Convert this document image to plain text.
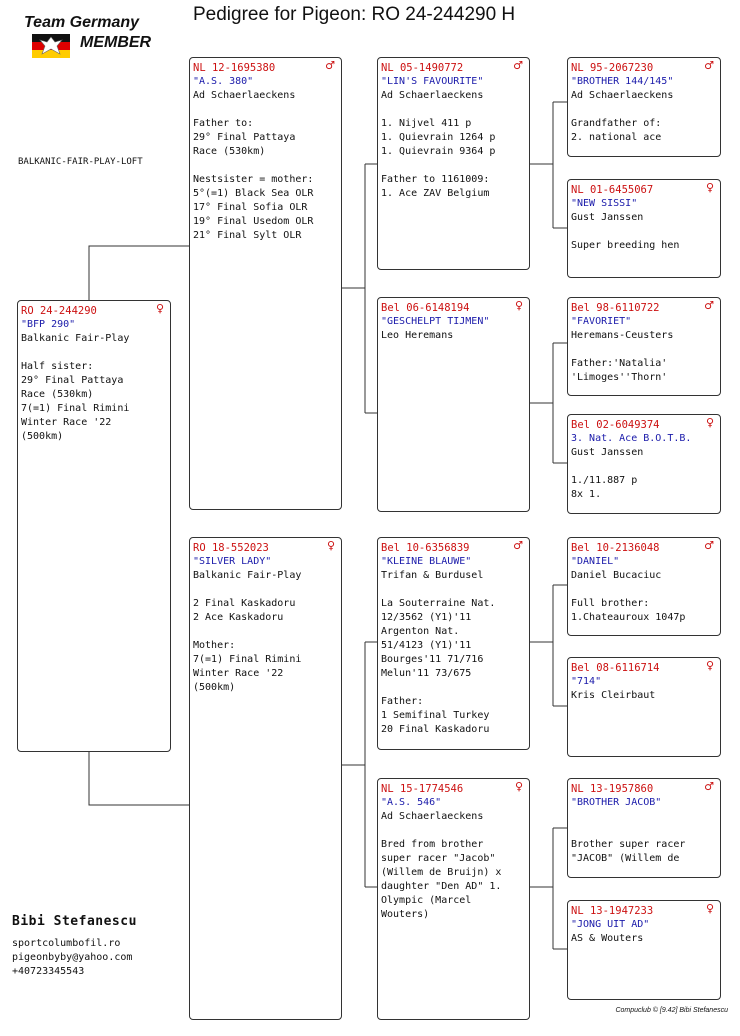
Team Germany
MEMBER
Pedigree for Pigeon: RO 24-244290 H
BALKANIC-FAIR-PLAY-LOFT
RO 24-244290	♀
"BFP 290"
Balkanic Fair-Play
Half sister:
29° Final Pattaya
Race (530km)
7(=1) Final Rimini
Winter Race '22
(500km)
NL 12-1695380	♂
"A.S. 380"
Ad Schaerlaeckens
Father to:
29° Final Pattaya
Race (530km)
Nestsister = mother:
5°(=1) Black Sea OLR
17° Final Sofia OLR
19° Final Usedom OLR
21° Final Sylt OLR
RO 18-552023	♀
"SILVER LADY"
Balkanic Fair-Play
2 Final Kaskadoru
2 Ace Kaskadoru
Mother:
7(=1) Final Rimini
Winter Race '22
(500km)
NL 05-1490772	♂
"LIN'S FAVOURITE"
Ad Schaerlaeckens
1. Nijvel 411 p
1. Quievrain 1264 p
1. Quievrain 9364 p
Father to 1161009:
1. Ace ZAV Belgium
Bel 06-6148194	♀
"GESCHELPT TIJMEN"
Leo Heremans
Bel 10-6356839	♂
"KLEINE BLAUWE"
Trifan & Burdusel
La Souterraine Nat.
12/3562 (Y1)'11
Argenton Nat.
51/4123 (Y1)'11
Bourges'11 71/716
Melun'11 73/675
Father:
1 Semifinal Turkey
20 Final Kaskadoru
NL 15-1774546	♀
"A.S. 546"
Ad Schaerlaeckens
Bred from brother
super racer "Jacob"
(Willem de Bruijn) x
daughter "Den AD" 1.
Olympic (Marcel
Wouters)
NL 95-2067230	♂
"BROTHER 144/145"
Ad Schaerlaeckens
Grandfather of:
2. national ace
NL 01-6455067	♀
"NEW SISSI"
Gust Janssen
Super breeding hen
Bel 98-6110722	♂
"FAVORIET"
Heremans-Ceusters
Father:'Natalia'
'Limoges''Thorn'
Bel 02-6049374	♀
3. Nat. Ace B.O.T.B.
Gust Janssen
1./11.887 p
8x 1.
Bel 10-2136048	♂
"DANIEL"
Daniel Bucaciuc
Full brother:
1.Chateauroux 1047p
Bel 08-6116714	♀
"714"
Kris Cleirbaut
NL 13-1957860	♂
"BROTHER JACOB"
Brother super racer
"JACOB" (Willem de
NL 13-1947233	♀
"JONG UIT AD"
AS & Wouters
Bibi Stefanescu
sportcolumbofil.ro
pigeonbyby@yahoo.com
+40723345543
Compuclub © [9.42] Bibi Stefanescu
